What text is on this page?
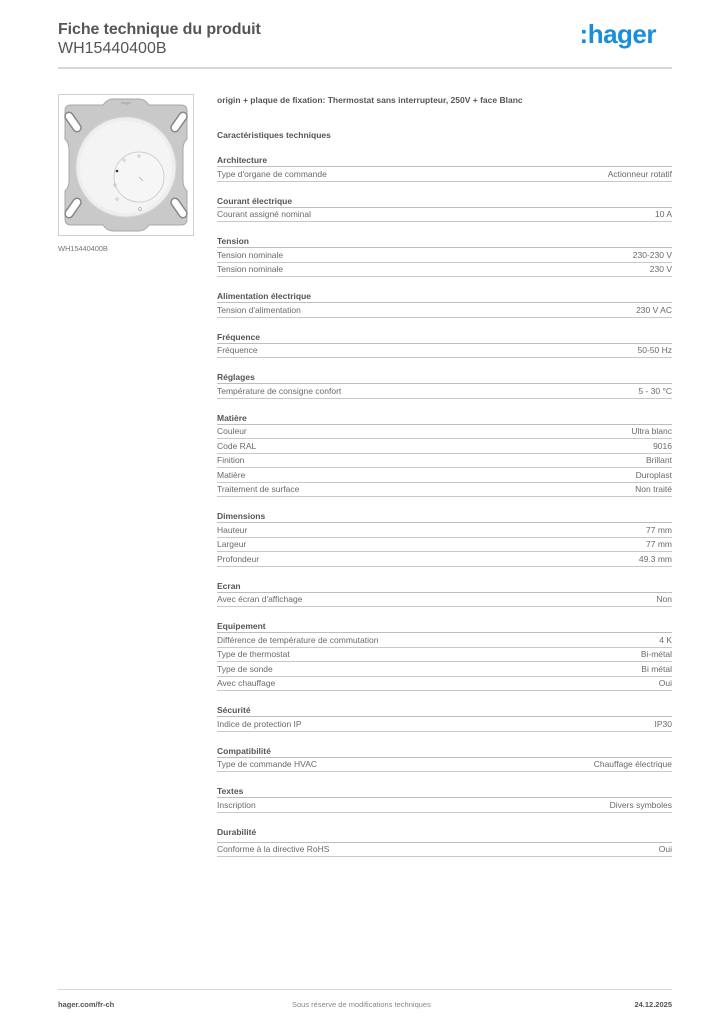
Fiche technique du produit
WH15440400B	:hager
hager
WH15440400B
origin + plaque de fixation: Thermostat sans interrupteur, 250V + face Blanc
Caractéristiques techniques
Architecture
Type d'organe de commande	Actionneur rotatif
Courant électrique
Courant assigné nominal	10 A
Tension
Tension nominale	230-230 V
Tension nominale	230 V
Alimentation électrique
Tension d'alimentation	230 V AC
Fréquence
Fréquence	50-50 Hz
Réglages
Température de consigne confort	5 - 30 °C
Matière
Couleur	Ultra blanc
Code RAL	9016
Finition	Brillant
Matière	Duroplast
Traitement de surface	Non traité
Dimensions
Hauteur	77 mm
Largeur	77 mm
Profondeur	49.3 mm
Ecran
Avec écran d'affichage	Non
Equipement
Différence de température de commutation	4 K
Type de thermostat	Bi-métal
Type de sonde	Bi métal
Avec chauffage	Oui
Sécurité
Indice de protection IP	IP30
Compatibilité
Type de commande HVAC	Chauffage électrique
Textes
Inscription	Divers symboles
Durabilité
Conforme à la directive RoHS	Oui
hager.com/fr-ch	Sous réserve de modifications techniques	24.12.2025
